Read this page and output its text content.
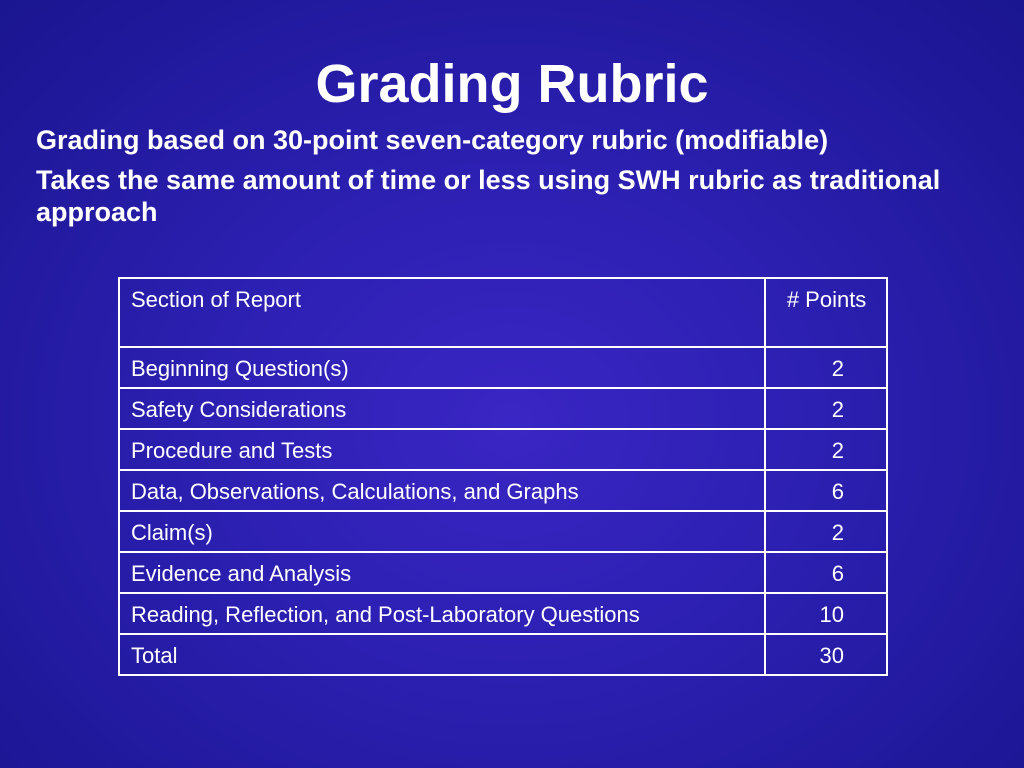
Grading Rubric
Grading based on 30-point seven-category rubric (modifiable)
Takes the same amount of time or less using SWH rubric as traditional approach
Section of Report	# Points
Beginning Question(s)	2
Safety Considerations	2
Procedure and Tests	2
Data, Observations, Calculations, and Graphs	6
Claim(s)	2
Evidence and Analysis	6
Reading, Reflection, and Post-Laboratory Questions	10
Total	30
